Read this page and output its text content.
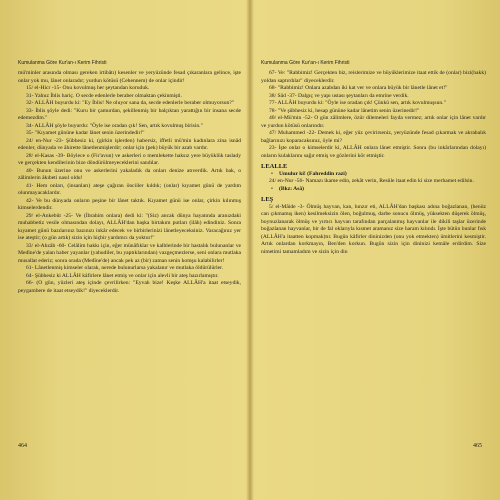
Kumulanma Göre Kur'an-ı Kerim Fihristi

mü'minler arasında olması gereken irtibâtı) kesenler ve yeryüzünde fesad çıkaranlara gelince, işte onlar yok mu, lânet onlaradır; yurdun kötüsü (Cehennem) de onlar içindir!

15/ el-Hicr -15- Onu kovulmuş her şeytandan koruduk.

31- Yalnız İblis hariç. O secde edenlerle beraber olmaktan çekinmişti.

32- ALLÂH buyurdu ki: "Ey İblis! Ne oluyor sana da, secde edenlerle beraber olmuyorsun?"

33- İblis şöyle dedi: "Kuru bir çamurdan, şekillenmiş bir balçıktan yarattığın bir insana secde edemezdim."

34- ALLÂH şöyle buyurdu: "Öyle ise oradan çık! Sen, artık kovulmuş birisin."

35- "Kıyamet gününe kadar lânet senin üzerindedir!"

24/ en-Nur -23- Şübhesiz ki, (girkin işlerden) habersiz, iffetli mü'min kadınlara zina isnâd edenler, dünyada ve âhirette lânetlenmişlerdir; onlar için (pek) büyük bir azab vardır.

28/ el-Kasas -39- Böylece o (Fir'avun) ve askerleri o memlekette haksız yere büyüklük taslady ve gerçekten kendilerinin bize döndürülmeyeceklerini sandılar.

40- Bunun üzerine onu ve askerlerini yakaladık da onları denize atıverdik. Artık bak, o zâlimlerin âkıbeti nasıl oldu!

41- Hem onları, (insanları) ateşe çağıran önciiler kıldık; (onlar) kıyamet günü de yardım olunmayacaklardır.

42- Ve bu dünyada onların peşine bir lânet taktık. Kıyamet günü ise onlar, çirkin kılınmış kimselerdendir.

29/ el-Ankebût -25- Ve (İbrahim onlara) dedi ki: "(Siz) ancak dünya hayatında aranızdaki muhabbetiz vesile olmasından dolayı, ALLÂH'dan başka birtakım putları (ilâh) edindiniz. Sonra kıyamet günü bazılarınız bazınızı inkâr edecek ve birbirlerinizi lânetleyeceksiniz. Varacağınız yer ise ateştir; (o gün artık) sizin için hiçbir yardımcı da yoktur!"

33/ el-Ahzâb -60- Celâlim hakkı için, eğer münâfıklar ve kalblerinde bir hastalık bulunanlar ve Medîne'de yalan haber yayanlar (yahudiler, bu yaptıklarından) vazgeçmezlerse, seni onlara mutlaka musallat ederiz; sonra orada (Medîne'de) ancak pek az (bir) zaman senin komşu kalabilirler!

61- Lânetlenmiş kimseler olarak, nerede bulunurlarsa yakalanır ve mutlaka öldürülürler.

64- Şübhesiz ki ALLÂH kâfirlere lânet etmiş ve onlar için alevli bir ateş hazırlamıştır.

66- (O gün, yüzleri ateş içinde çevrilirken: "Eyvah bize! Keşke ALLÂH'a itaat etseydik, peygambere de itaat etseydik!" diyeceklerdir.

Kumulanma Göre Kur'an-ı Kerim Fihristi

67- Ve: "Rabbimiz! Gerçekten biz, reislerimize ve büyüklerimize itaat ettik de (onlar) bizi(hakk) yoldan saptırdılar" diyeceklerdir.

68- "Rabbimiz! Onlara azabdan iki kat ver ve onlara büyük bir lânetle lânet et!"

38/ Sâd -37- Dalgıç ve yapı ustası şeytanları da emrine verdik.

77- ALLÂH buyurdu ki: "Öyle ise oradan çık! Çünkü sen, artık kovulmuşsun."

78- "Ve şübhesiz ki, hesap gününe kadar lânetim senin üzerinedir!"

40/ el-Mü'min -52- O gün zâlimlere, özür dilemeleri fayda vermez; artık onlar için lânet vardır ve yurdun kötüsü onlarındır.

47/ Muhammed -22- Demek ki, eğer yüz çevirirseniz, yeryüzünde fesad çıkarmak ve akrabalık bağlarınızı koparacaksınız, öyle mi?

23- İşte onlar o kimselerdir ki, ALLÂH onlara lânet etmiştir. Sonra (bu inkârlarından dolayı) onların kulaklarını sağır etmiş ve gözlerini kör etmiştir.

LEALLE

• Umulur ki! (Fahreddin razi)

24/ en-Nur -56- Namazı ikame edin, zekât verin, Resûle itaat edin ki size merhamet edilsin.

• (Bkz: Asâ)

LEŞ

5/ el-Mâide -3- Ölmüş hayvan, kan, hınzır eti, ALLÂH'dan başkası adına boğazlanan, (henüz can çıkmamış iken) kesilmeksizin ölen, boğulmuş, darbe sonucu ölmüş, yüksekten düşerek ölmüş, boynuzlanarak ölmüş ve yırtıcı hayvan tarafından parçalanmış hayvanlar ile dikili taşlar üzerinde boğazlanan hayvanlar, bir de fal oklarıyla kısmet aramanız size haram kılındı. İşte bütün bunlar fısk (ALLÂH'a itaatten kopmak)tır. Bugün kâfirler dininizden (onu yok etmekten) ümitlerini kesmiştir. Artık onlardan korkmayın, Ben'den korkun. Bugün sizin için dininizi kemâle erdirdim. Size nimetimi tamamladım ve sizin için din

464	465
